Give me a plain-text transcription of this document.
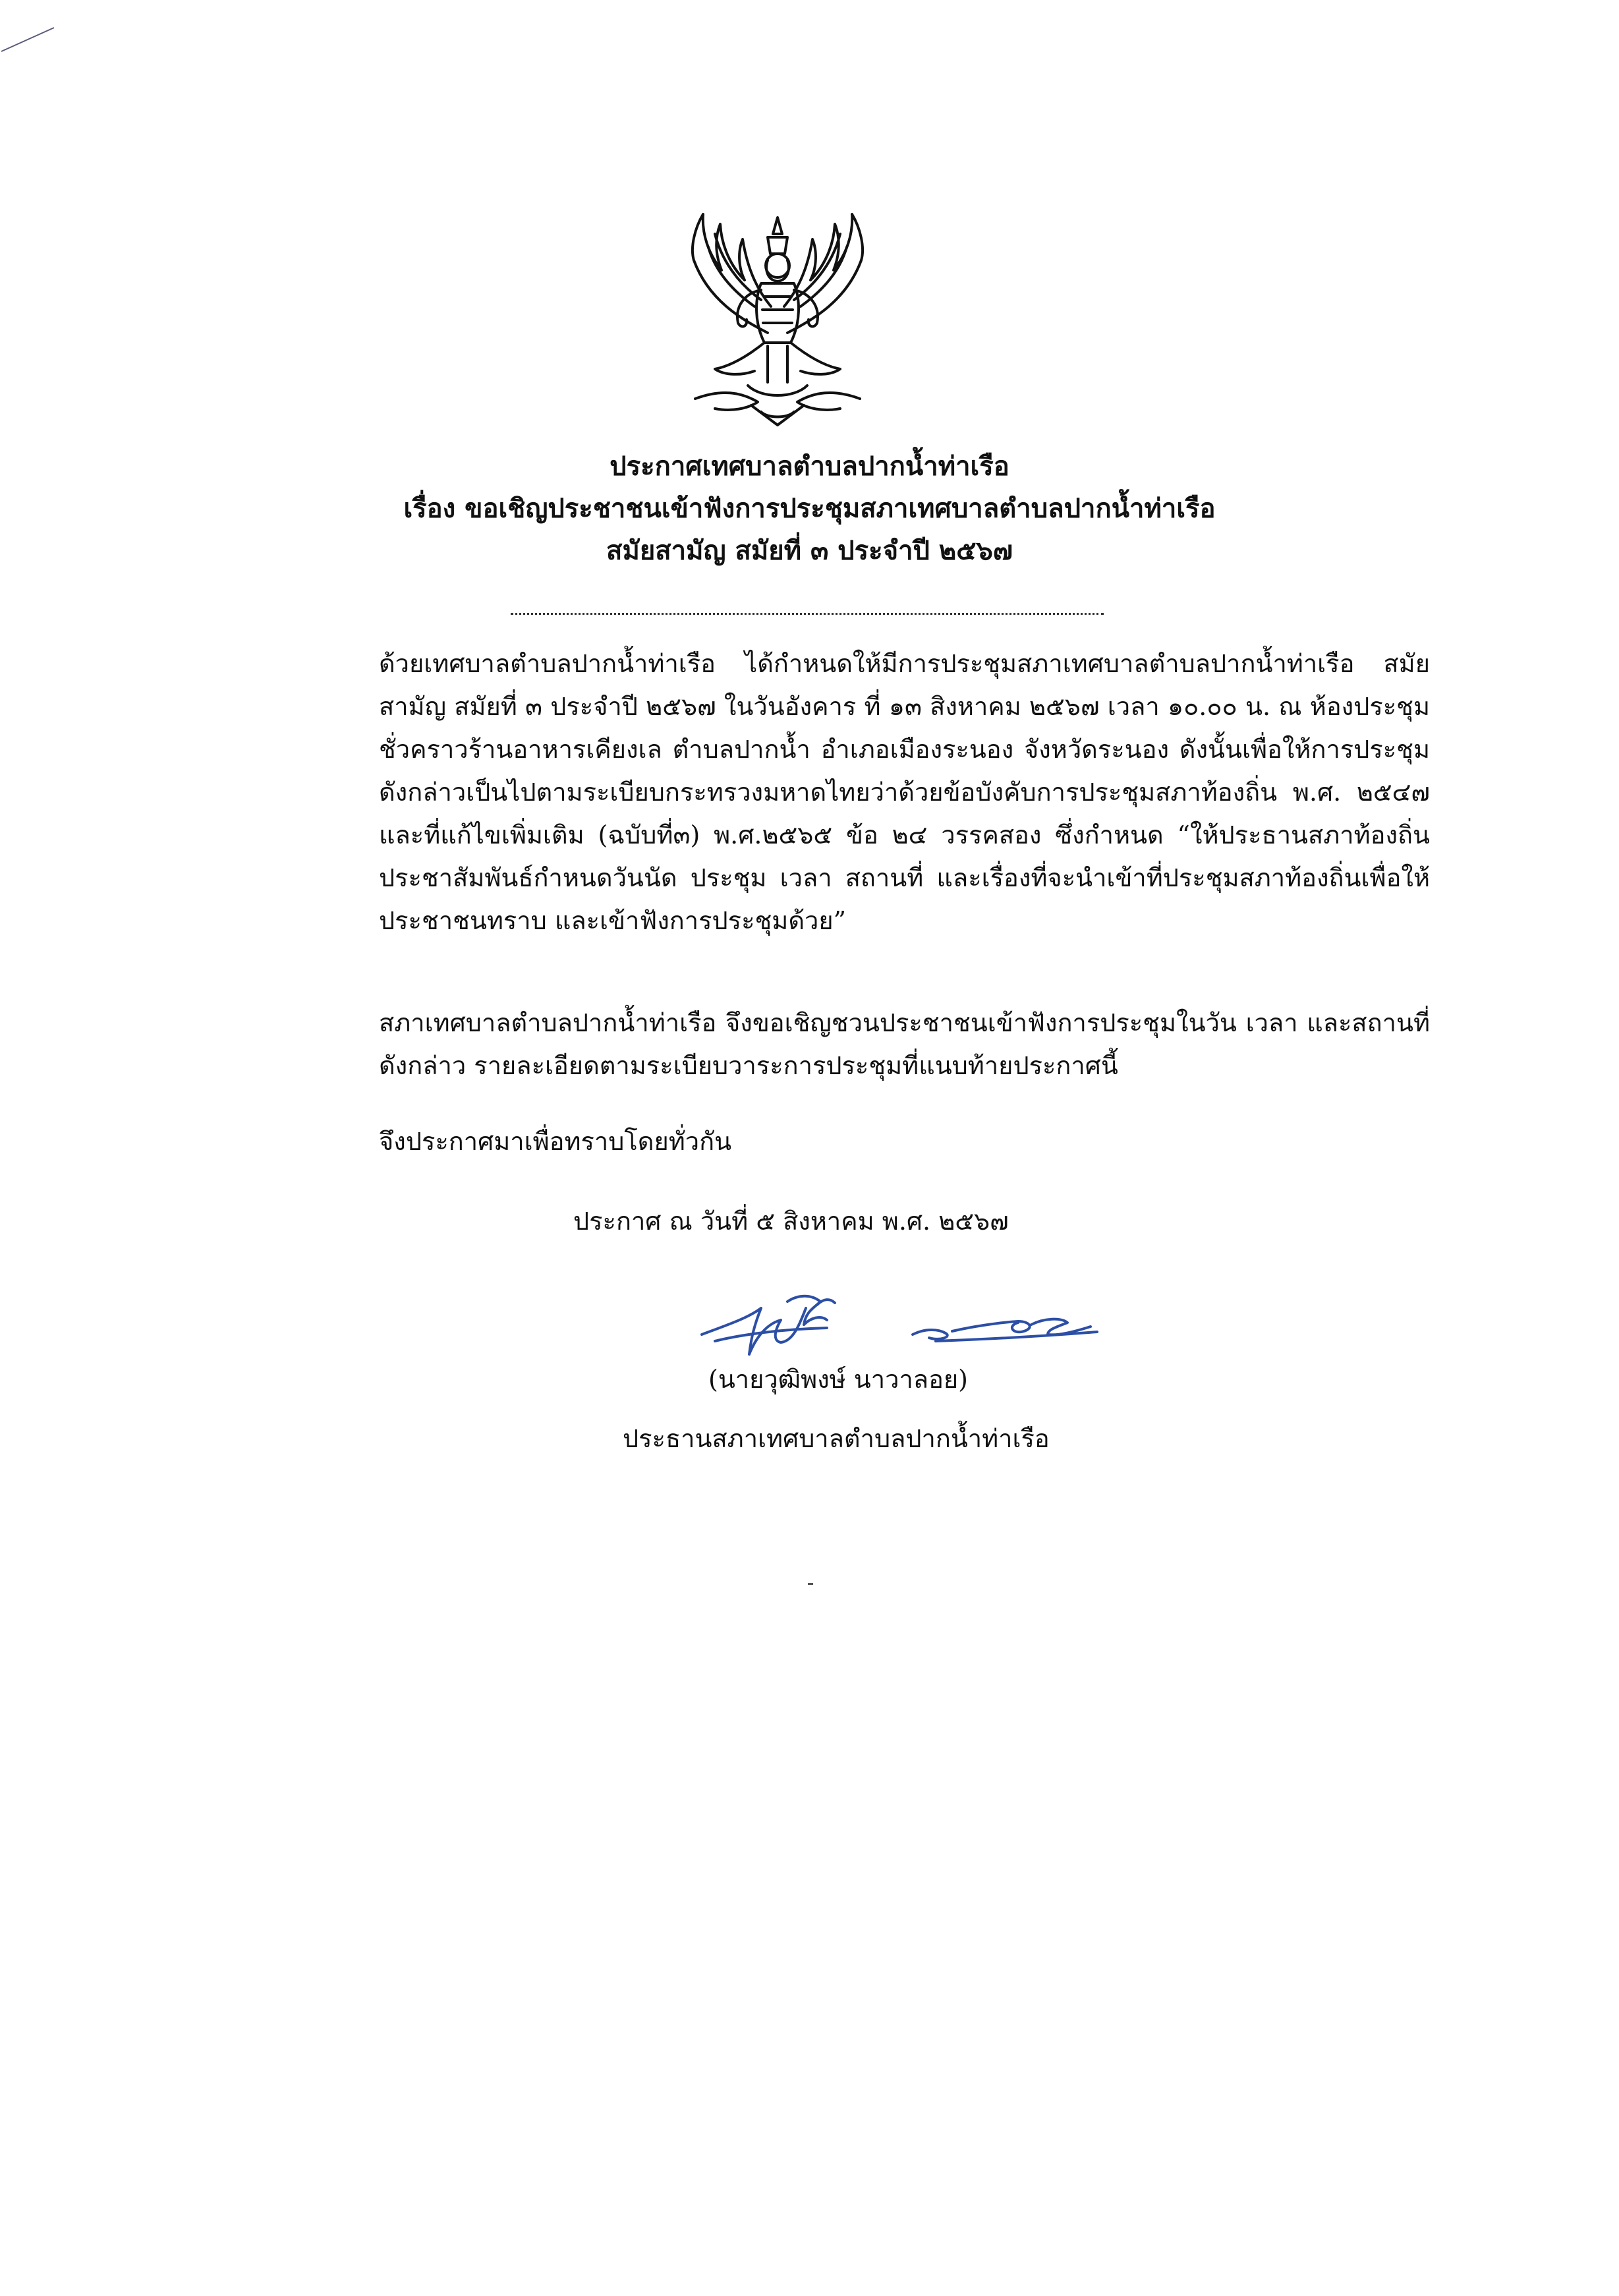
ประกาศเทศบาลตำบลปากน้ำท่าเรือ
เรื่อง ขอเชิญประชาชนเข้าฟังการประชุมสภาเทศบาลตำบลปากน้ำท่าเรือ
สมัยสามัญ สมัยที่ ๓ ประจำปี ๒๕๖๗
ด้วยเทศบาลตำบลปากน้ำท่าเรือ ได้กำหนดให้มีการประชุมสภาเทศบาลตำบลปากน้ำท่าเรือ สมัยสามัญ สมัยที่ ๓ ประจำปี ๒๕๖๗ ในวันอังคาร ที่ ๑๓ สิงหาคม ๒๕๖๗ เวลา ๑๐.๐๐ น. ณ ห้องประชุมชั่วคราวร้านอาหารเคียงเล ตำบลปากน้ำ อำเภอเมืองระนอง จังหวัดระนอง ดังนั้นเพื่อให้การประชุมดังกล่าวเป็นไปตามระเบียบกระทรวงมหาดไทยว่าด้วยข้อบังคับการประชุมสภาท้องถิ่น พ.ศ. ๒๕๔๗ และที่แก้ไขเพิ่มเติม (ฉบับที่๓) พ.ศ.๒๕๖๕ ข้อ ๒๔ วรรคสอง ซึ่งกำหนด “ให้ประธานสภาท้องถิ่นประชาสัมพันธ์กำหนดวันนัด ประชุม เวลา สถานที่ และเรื่องที่จะนำเข้าที่ประชุมสภาท้องถิ่นเพื่อให้ ประชาชนทราบ และเข้าฟังการประชุมด้วย”
สภาเทศบาลตำบลปากน้ำท่าเรือ จึงขอเชิญชวนประชาชนเข้าฟังการประชุมในวัน เวลา และสถานที่ดังกล่าว รายละเอียดตามระเบียบวาระการประชุมที่แนบท้ายประกาศนี้
จึงประกาศมาเพื่อทราบโดยทั่วกัน
ประกาศ ณ วันที่ ๕ สิงหาคม พ.ศ. ๒๕๖๗
(นายวุฒิพงษ์ นาวาลอย)
ประธานสภาเทศบาลตำบลปากน้ำท่าเรือ
